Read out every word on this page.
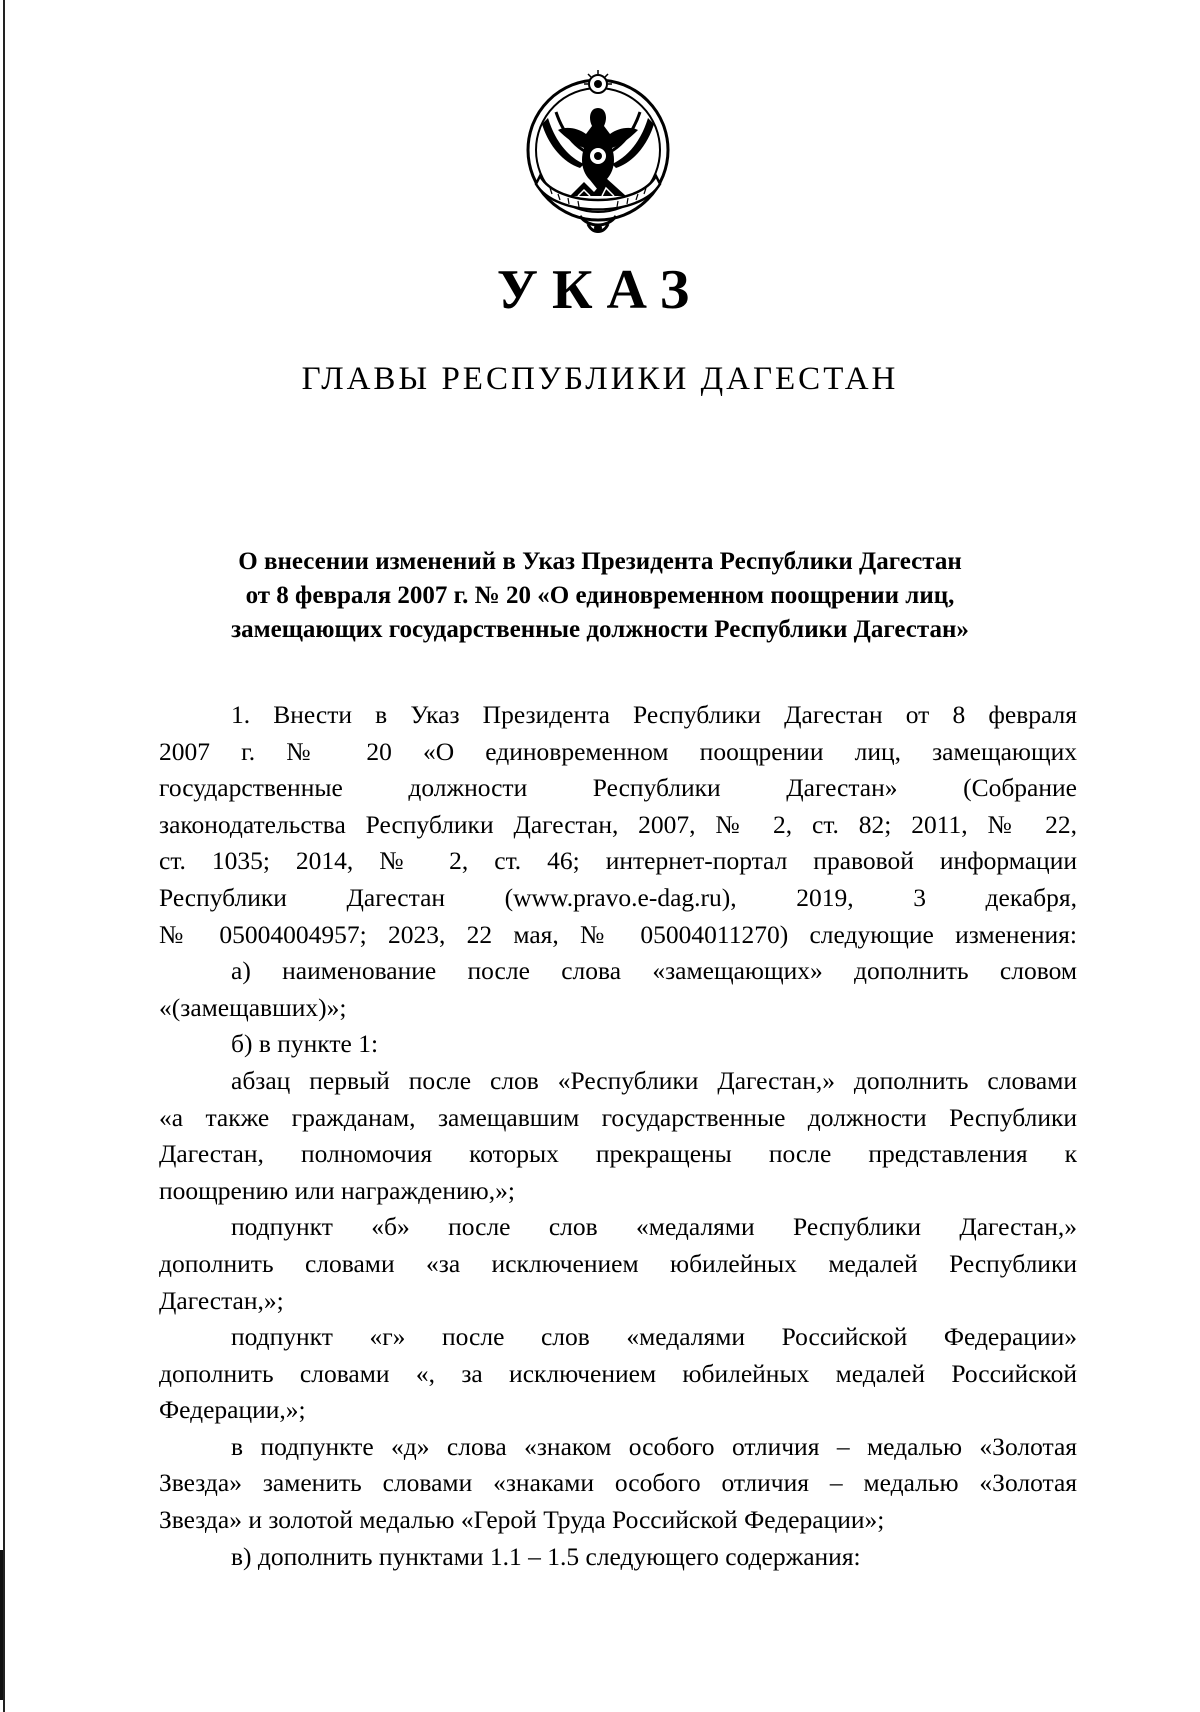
УКАЗ
ГЛАВЫ РЕСПУБЛИКИ ДАГЕСТАН
О внесении изменений в Указ Президента Республики Дагестан
от 8 февраля 2007 г. № 20 «О единовременном поощрении лиц,
замещающих государственные должности Республики Дагестан»

1. Внести в Указ Президента Республики Дагестан от 8 февраля

2007 г. № 20 «О единовременном поощрении лиц, замещающих

государственные должности Республики Дагестан» (Собрание

законодательства Республики Дагестан, 2007, № 2, ст. 82; 2011, № 22,

ст. 1035; 2014, № 2, ст. 46; интернет-портал правовой информации

Республики Дагестан (www.pravo.e-dag.ru), 2019, 3 декабря,

№ 05004004957; 2023, 22 мая, № 05004011270) следующие изменения:

а) наименование после слова «замещающих» дополнить словом

«(замещавших)»;

б) в пункте 1:

абзац первый после слов «Республики Дагестан,» дополнить словами

«а также гражданам, замещавшим государственные должности Республики

Дагестан, полномочия которых прекращены после представления к

поощрению или награждению,»;

подпункт «б» после слов «медалями Республики Дагестан,»

дополнить словами «за исключением юбилейных медалей Республики

Дагестан,»;

подпункт «г» после слов «медалями Российской Федерации»

дополнить словами «, за исключением юбилейных медалей Российской

Федерации,»;

в подпункте «д» слова «знаком особого отличия – медалью «Золотая

Звезда» заменить словами «знаками особого отличия – медалью «Золотая

Звезда» и золотой медалью «Герой Труда Российской Федерации»;

в) дополнить пунктами 1.1 – 1.5 следующего содержания:
